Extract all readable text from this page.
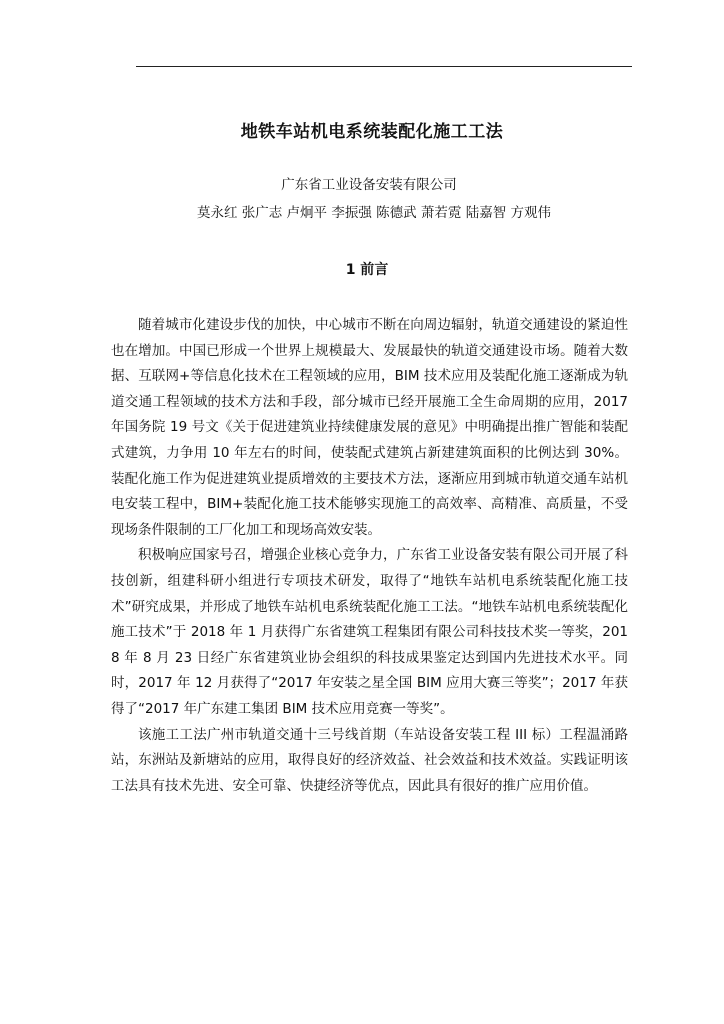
地铁车站机电系统装配化施工工法
广东省工业设备安装有限公司
莫永红 张广志 卢炯平 李振强 陈德武 萧若霓 陆嘉智 方观伟
1 前言

随着城市化建设步伐的加快，中心城市不断在向周边辐射，轨道交通建设的紧迫性也在增加。中国已形成一个世界上规模最大、发展最快的轨道交通建设市场。随着大数据、互联网+等信息化技术在工程领域的应用，BIM 技术应用及装配化施工逐渐成为轨道交通工程领域的技术方法和手段，部分城市已经开展施工全生命周期的应用，2017 年国务院 19 号文《关于促进建筑业持续健康发展的意见》中明确提出推广智能和装配式建筑，力争用 10 年左右的时间，使装配式建筑占新建建筑面积的比例达到 30%。装配化施工作为促进建筑业提质增效的主要技术方法，逐渐应用到城市轨道交通车站机电安装工程中，BIM+装配化施工技术能够实现施工的高效率、高精准、高质量，不受现场条件限制的工厂化加工和现场高效安装。

积极响应国家号召，增强企业核心竞争力，广东省工业设备安装有限公司开展了科技创新，组建科研小组进行专项技术研发，取得了“地铁车站机电系统装配化施工技术”研究成果，并形成了地铁车站机电系统装配化施工工法。“地铁车站机电系统装配化施工技术”于 2018 年 1 月获得广东省建筑工程集团有限公司科技技术奖一等奖，2018 年 8 月 23 日经广东省建筑业协会组织的科技成果鉴定达到国内先进技术水平。同时，2017 年 12 月获得了“2017 年安装之星全国 BIM 应用大赛三等奖”；2017 年获得了“2017 年广东建工集团 BIM 技术应用竞赛一等奖”。

该施工工法广州市轨道交通十三号线首期（车站设备安装工程 III 标）工程温涌路站，东洲站及新塘站的应用，取得良好的经济效益、社会效益和技术效益。实践证明该工法具有技术先进、安全可靠、快捷经济等优点，因此具有很好的推广应用价值。
